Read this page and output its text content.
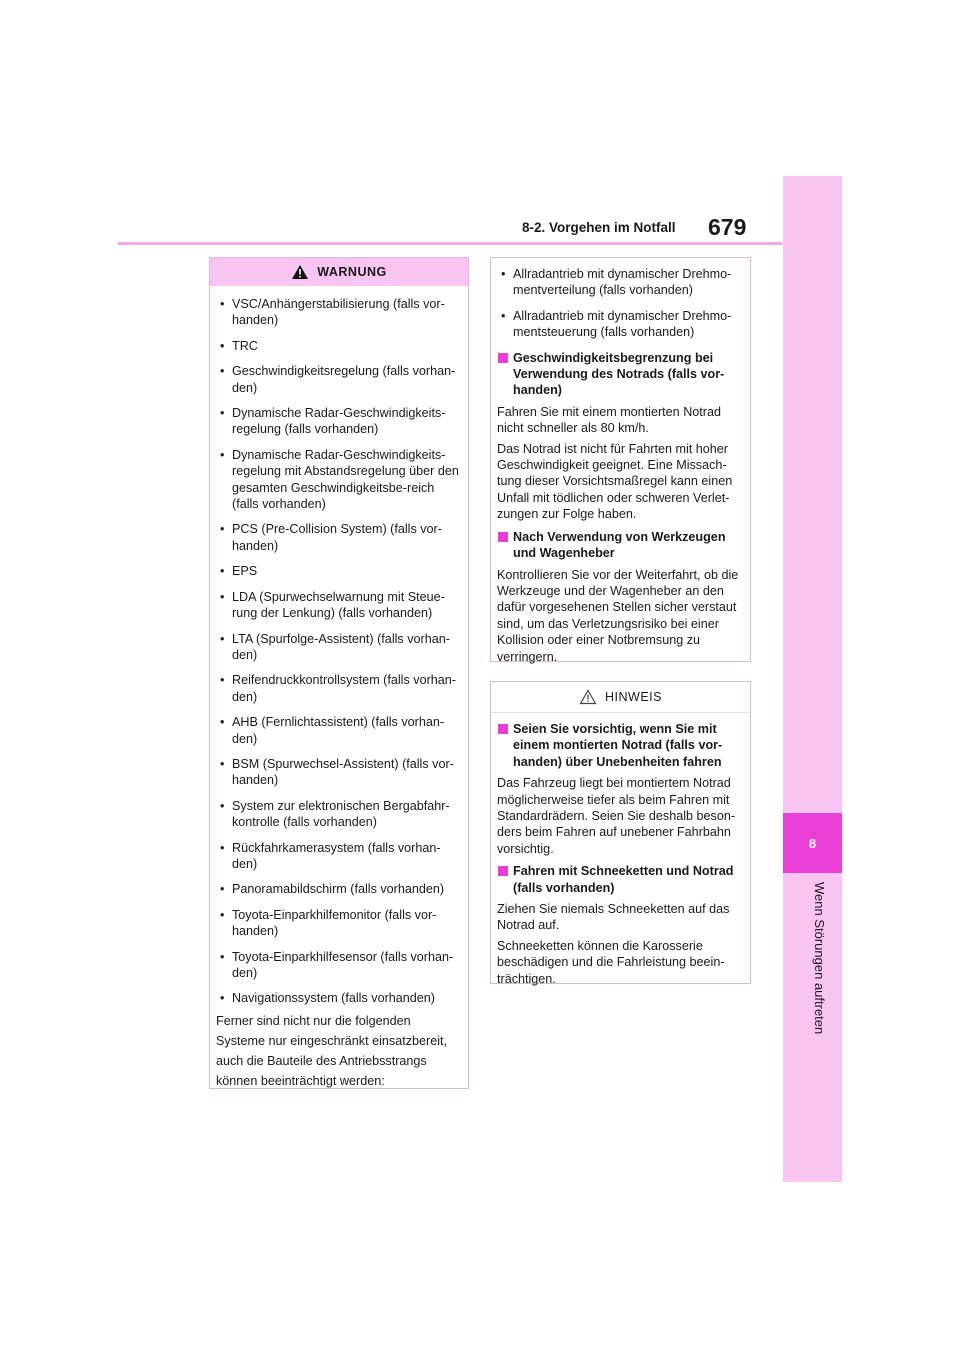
8-2. Vorgehen im Notfall 679
8
Wenn Störungen auftreten
WARNUNG
• VSC/Anhängerstabilisierung (falls vor-handen)
• TRC
• Geschwindigkeitsregelung (falls vorhan-den)
• Dynamische Radar-Geschwindigkeits-regelung (falls vorhanden)
• Dynamische Radar-Geschwindigkeits-regelung mit Abstandsregelung über den gesamten Geschwindigkeitsbe-reich (falls vorhanden)
• PCS (Pre-Collision System) (falls vor-handen)
• EPS
• LDA (Spurwechselwarnung mit Steue-rung der Lenkung) (falls vorhanden)
• LTA (Spurfolge-Assistent) (falls vorhan-den)
• Reifendruckkontrollsystem (falls vorhan-den)
• AHB (Fernlichtassistent) (falls vorhan-den)
• BSM (Spurwechsel-Assistent) (falls vor-handen)
• System zur elektronischen Bergabfahr-kontrolle (falls vorhanden)
• Rückfahrkamerasystem (falls vorhan-den)
• Panoramabildschirm (falls vorhanden)
• Toyota-Einparkhilfemonitor (falls vor-handen)
• Toyota-Einparkhilfesensor (falls vorhan-den)
• Navigationssystem (falls vorhanden)
Ferner sind nicht nur die folgenden Systeme nur eingeschränkt einsatzbereit, auch die Bauteile des Antriebsstrangs können beeinträchtigt werden:
• Allradantrieb mit dynamischer Drehmo-mentverteilung (falls vorhanden)
• Allradantrieb mit dynamischer Drehmo-mentsteuerung (falls vorhanden)
Geschwindigkeitsbegrenzung bei Verwendung des Notrads (falls vor-handen)
Fahren Sie mit einem montierten Notrad nicht schneller als 80 km/h.
Das Notrad ist nicht für Fahrten mit hoher Geschwindigkeit geeignet. Eine Missach-tung dieser Vorsichtsmaßregel kann einen Unfall mit tödlichen oder schweren Verlet-zungen zur Folge haben.
Nach Verwendung von Werkzeugen und Wagenheber
Kontrollieren Sie vor der Weiterfahrt, ob die Werkzeuge und der Wagenheber an den dafür vorgesehenen Stellen sicher verstaut sind, um das Verletzungsrisiko bei einer Kollision oder einer Notbremsung zu verringern.
HINWEIS
Seien Sie vorsichtig, wenn Sie mit einem montierten Notrad (falls vor-handen) über Unebenheiten fahren
Das Fahrzeug liegt bei montiertem Notrad möglicherweise tiefer als beim Fahren mit Standardrädern. Seien Sie deshalb beson-ders beim Fahren auf unebener Fahrbahn vorsichtig.
Fahren mit Schneeketten und Notrad (falls vorhanden)
Ziehen Sie niemals Schneeketten auf das Notrad auf.
Schneeketten können die Karosserie beschädigen und die Fahrleistung beein-trächtigen.
